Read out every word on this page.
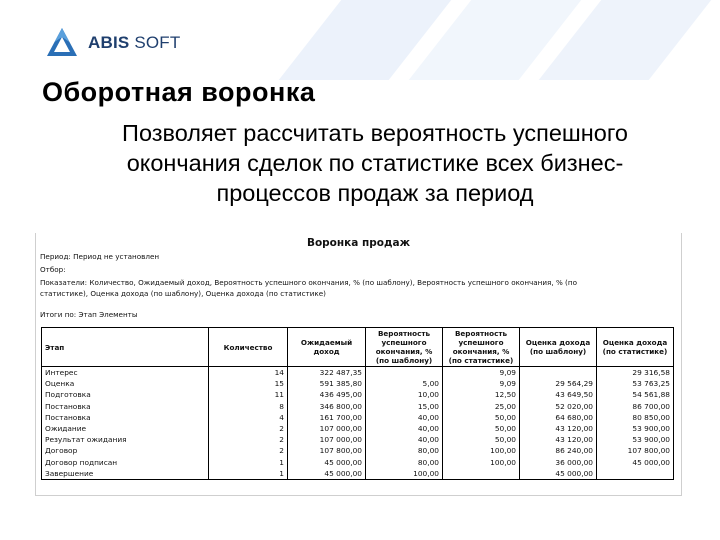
ABIS SOFT
Оборотная воронка
Позволяет рассчитать вероятность успешного
окончания сделок по статистике всех бизнес-
процессов продаж за период
Воронка продаж
Период: Период не установлен
Отбор:
Показатели: Количество, Ожидаемый доход, Вероятность успешного окончания, % (по шаблону), Вероятность успешного окончания, % (по
статистике), Оценка дохода (по шаблону), Оценка дохода (по статистике)
Итоги по: Этап Элементы
Этап	Количество	Ожидаемый доход	Вероятность успешного окончания, % (по шаблону)	Вероятность успешного окончания, % (по статистике)	Оценка дохода (по шаблону)	Оценка дохода (по статистике)
Интерес	14	322 487,35		9,09		29 316,58
Оценка	15	591 385,80	5,00	9,09	29 564,29	53 763,25
Подготовка	11	436 495,00	10,00	12,50	43 649,50	54 561,88
Постановка	8	346 800,00	15,00	25,00	52 020,00	86 700,00
Постановка	4	161 700,00	40,00	50,00	64 680,00	80 850,00
Ожидание	2	107 000,00	40,00	50,00	43 120,00	53 900,00
Результат ожидания	2	107 000,00	40,00	50,00	43 120,00	53 900,00
Договор	2	107 800,00	80,00	100,00	86 240,00	107 800,00
Договор подписан	1	45 000,00	80,00	100,00	36 000,00	45 000,00
Завершение	1	45 000,00	100,00		45 000,00	
